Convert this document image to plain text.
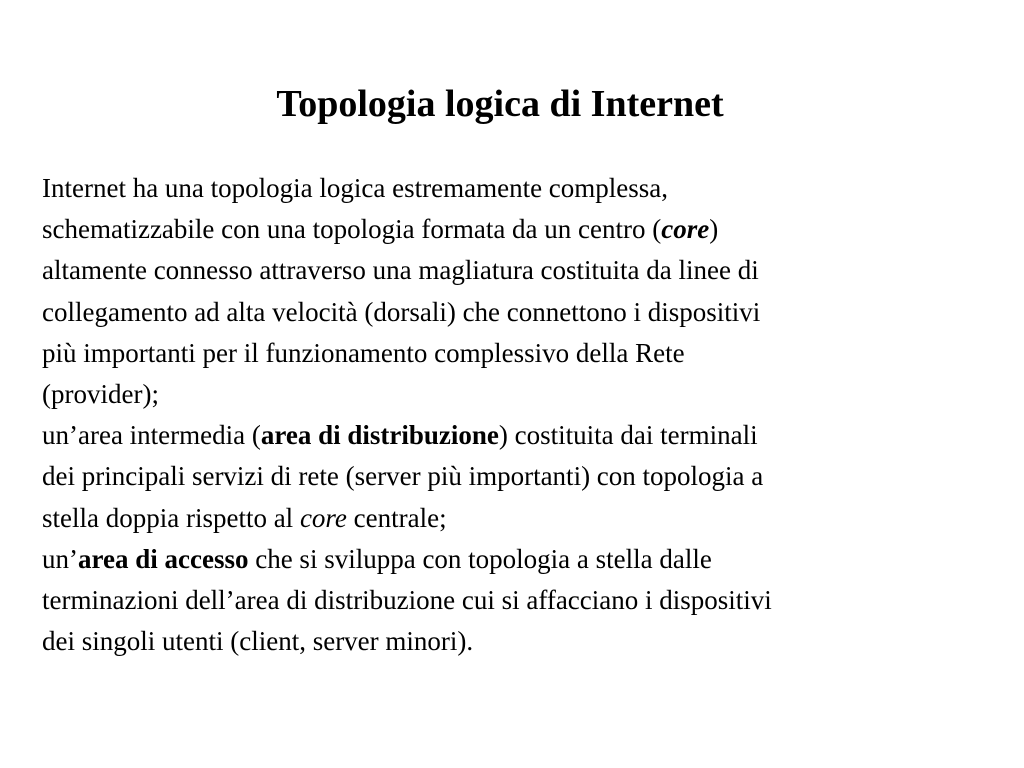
Topologia logica di Internet
Internet ha una topologia logica estremamente complessa,
schematizzabile con una topologia formata da un centro (core)
altamente connesso attraverso una magliatura costituita da linee di
collegamento ad alta velocità (dorsali) che connettono i dispositivi
più importanti per il funzionamento complessivo della Rete
(provider);
un’area intermedia (area di distribuzione) costituita dai terminali
dei principali servizi di rete (server più importanti) con topologia a
stella doppia rispetto al core centrale;
un’area di accesso che si sviluppa con topologia a stella dalle
terminazioni dell’area di distribuzione cui si affacciano i dispositivi
dei singoli utenti (client, server minori).
